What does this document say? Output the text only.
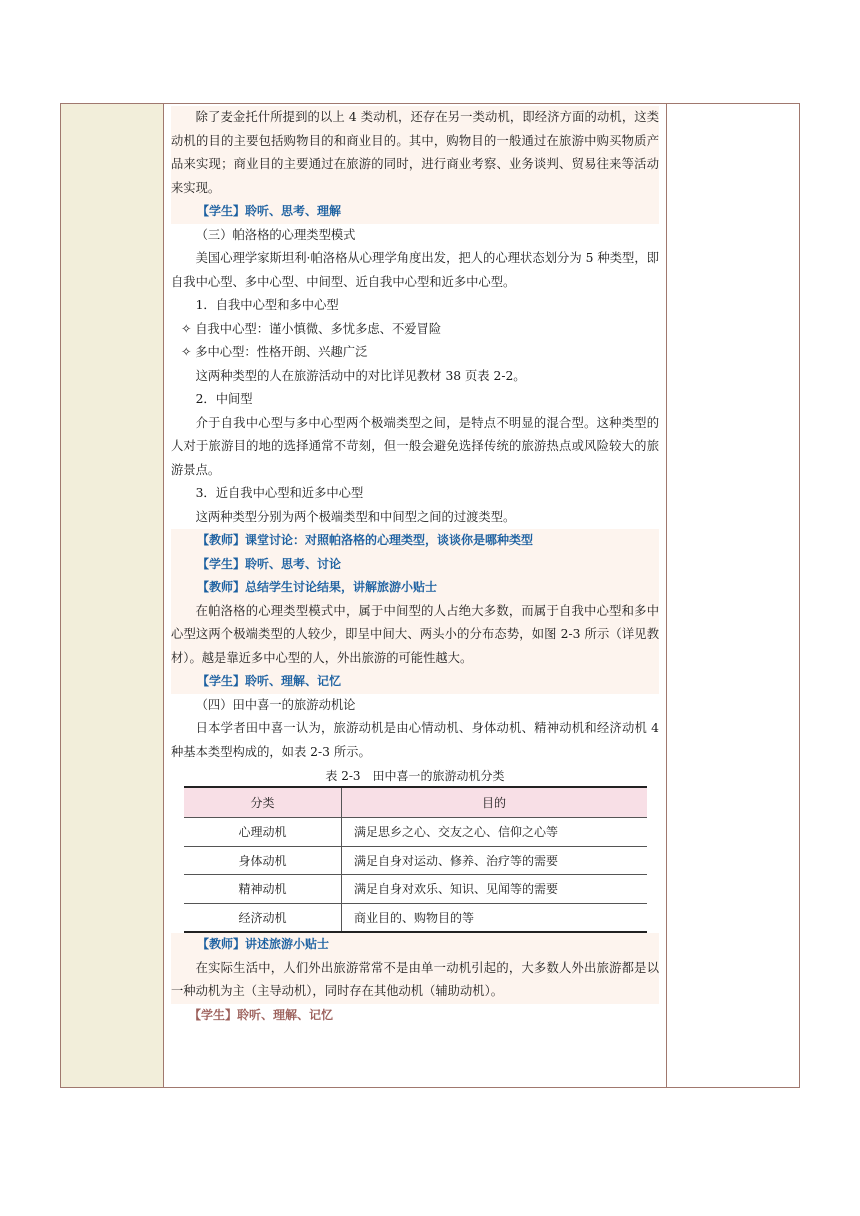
除了麦金托什所提到的以上 4 类动机，还存在另一类动机，即经济方面的动机，这类动机的目的主要包括购物目的和商业目的。其中，购物目的一般通过在旅游中购买物质产品来实现；商业目的主要通过在旅游的同时，进行商业考察、业务谈判、贸易往来等活动来实现。

【学生】聆听、思考、理解

（三）帕洛格的心理类型模式

美国心理学家斯坦利·帕洛格从心理学角度出发，把人的心理状态划分为 5 种类型，即自我中心型、多中心型、中间型、近自我中心型和近多中心型。

1．自我中心型和多中心型

✧ 自我中心型：谨小慎微、多忧多虑、不爱冒险

✧ 多中心型：性格开朗、兴趣广泛

这两种类型的人在旅游活动中的对比详见教材 38 页表 2-2。

2．中间型

介于自我中心型与多中心型两个极端类型之间，是特点不明显的混合型。这种类型的人对于旅游目的地的选择通常不苛刻，但一般会避免选择传统的旅游热点或风险较大的旅游景点。

3．近自我中心型和近多中心型

这两种类型分别为两个极端类型和中间型之间的过渡类型。

【教师】课堂讨论：对照帕洛格的心理类型，谈谈你是哪种类型

【学生】聆听、思考、讨论

【教师】总结学生讨论结果，讲解旅游小贴士

在帕洛格的心理类型模式中，属于中间型的人占绝大多数，而属于自我中心型和多中心型这两个极端类型的人较少，即呈中间大、两头小的分布态势，如图 2-3 所示（详见教材）。越是靠近多中心型的人，外出旅游的可能性越大。

【学生】聆听、理解、记忆

（四）田中喜一的旅游动机论

日本学者田中喜一认为，旅游动机是由心情动机、身体动机、精神动机和经济动机 4 种基本类型构成的，如表 2-3 所示。

表 2-3　田中喜一的旅游动机分类
分类	目的
心理动机	满足思乡之心、交友之心、信仰之心等
身体动机	满足自身对运动、修养、治疗等的需要
精神动机	满足自身对欢乐、知识、见闻等的需要
经济动机	商业目的、购物目的等

【教师】讲述旅游小贴士

在实际生活中，人们外出旅游常常不是由单一动机引起的，大多数人外出旅游都是以一种动机为主（主导动机），同时存在其他动机（辅助动机）。

【学生】聆听、理解、记忆
